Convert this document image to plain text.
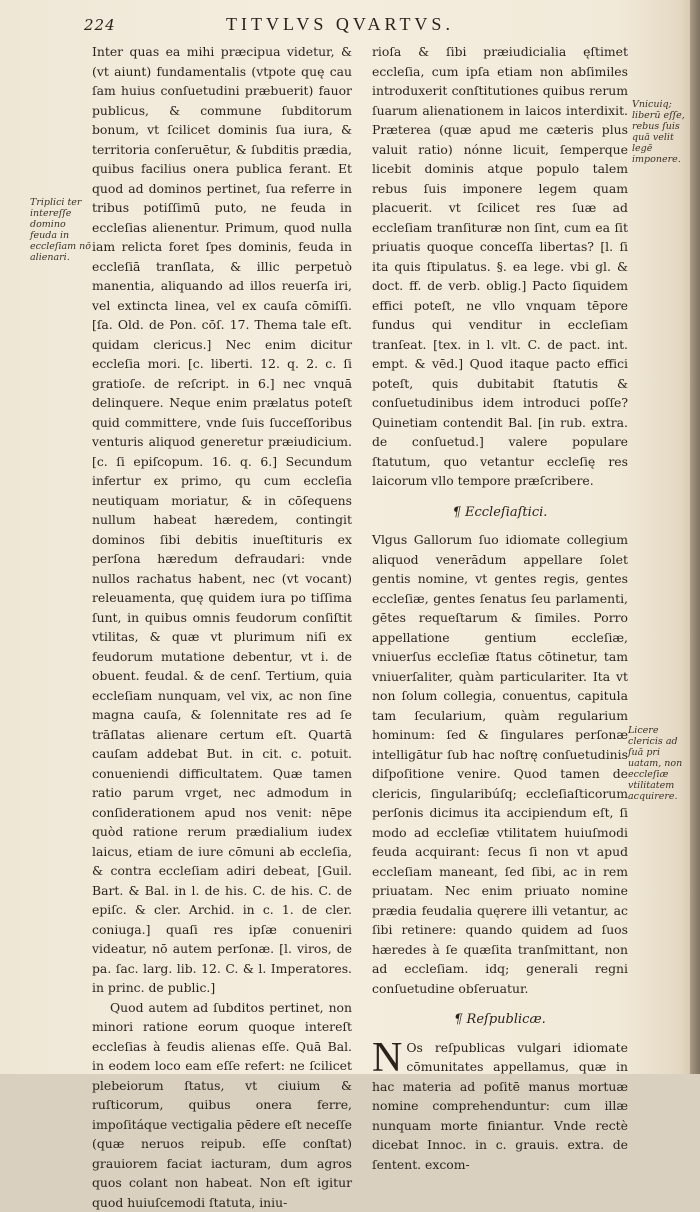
224	TITVLVS QVARTVS.
Triplici ter intereſſe domino feuda in eccleſiam nō alienari.
Vnicuiq; liberū eſſe, rebus ſuis quā velit legē imponere.
Licere clericis ad ſuā pri uatam, non eccleſiæ vtilitatem acquirere.

Inter quas ea mihi præcipua videtur, & (vt aiunt) fundamentalis (vtpote quę cau ſam huius conſuetudini præbuerit) fauor publicus, & commune ſubditorum bonum, vt ſcilicet dominis ſua iura, & territoria conſeruētur, & ſubditis prædia, quibus facilius onera publica ferant. Et quod ad dominos pertinet, ſua referre in tribus potiſſimū puto, ne feuda in eccleſias alienentur. Primum, quod nulla iam relicta foret ſpes dominis, feuda in eccleſiā tranſlata, & illic perpetuò manentia, aliquando ad illos reuerſa iri, vel extincta linea, vel ex cauſa cōmiſſi. [ſa. Old. de Pon. cōſ. 17. Thema tale eſt. quidam clericus.] Nec enim dicitur eccleſia mori. [c. liberti. 12. q. 2. c. ſi gratioſe. de reſcript. in 6.] nec vnquā delinquere. Neque enim prælatus poteſt quid committere, vnde ſuis ſucceſſoribus venturis aliquod generetur præiudicium. [c. ſi epiſcopum. 16. q. 6.] Secundum infertur ex primo, qu cum eccleſia neutiquam moriatur, & in cōſequens nullum habeat hæredem, contingit dominos ſibi debitis inueſtituris ex perſona hæredum defraudari: vnde nullos rachatus habent, nec (vt vocant) releuamenta, quę quidem iura po tiſſima ſunt, in quibus omnis feudorum conſiſtit vtilitas, & quæ vt plurimum niſi ex feudorum mutatione debentur, vt i. de obuent. feudal. & de cenſ. Tertium, quia eccleſiam nunquam, vel vix, ac non ſine magna cauſa, & ſolennitate res ad ſe trāſlatas alienare certum eſt. Quartā cauſam addebat But. in cit. c. potuit. conueniendi difficultatem. Quæ tamen ratio parum vrget, nec admodum in conſiderationem apud nos venit: nēpe quòd ratione rerum prædialium iudex laicus, etiam de iure cōmuni ab eccleſia, & contra eccleſiam adiri debeat, [Guil. Bart. & Bal. in l. de his. C. de his. C. de epiſc. & cler. Archid. in c. 1. de cler. coniuga.] quaſi res ipſæ conueniri videatur, nō autem perſonæ. [l. viros, de pa. ſac. larg. lib. 12. C. & l. Imperatores. in princ. de public.]

Quod autem ad ſubditos pertinet, non minori ratione eorum quoque intereſt eccleſias à feudis alienas eſſe. Quā Bal. in eodem loco eam eſſe refert: ne ſcilicet plebeiorum ſtatus, vt ciuium & ruſticorum, quibus onera ferre, impoſitáque vectigalia pēdere eſt neceſſe (quæ neruos reipub. eſſe conſtat) grauiorem faciat iacturam, dum agros quos colant non habeat. Non eſt igitur quod huiuſcemodi ſtatuta, iniu-

rioſa & ſibi præiudicialia ęſtimet eccleſia, cum ipſa etiam non abſimiles introduxerit conſtitutiones quibus rerum ſuarum alienationem in laicos interdixit. Præterea (quæ apud me cæteris plus valuit ratio) nónne licuit, ſemperque licebit dominis atque populo talem rebus ſuis imponere legem quam placuerit. vt ſcilicet res ſuæ ad eccleſiam tranſituræ non ſint, cum ea ſit priuatis quoque conceſſa libertas? [l. ſi ita quis ſtipulatus. §. ea lege. vbi gl. & doct. ff. de verb. oblig.] Pacto ſiquidem effici poteſt, ne vllo vnquam tēpore fundus qui venditur in eccleſiam tranſeat. [tex. in l. vlt. C. de pact. int. empt. & vēd.] Quod itaque pacto effici poteſt, quis dubitabit ſtatutis & conſuetudinibus idem introduci poſſe? Quinetiam contendit Bal. [in rub. extra. de conſuetud.] valere populare ſtatutum, quo vetantur eccleſię res laicorum vllo tempore præſcribere.

¶ Eccleſiaſtici.

Vlgus Gallorum ſuo idiomate collegium aliquod venerādum appellare ſolet gentis nomine, vt gentes regis, gentes eccleſiæ, gentes ſenatus ſeu parlamenti, gētes requeſtarum & ſimiles. Porro appellatione gentium eccleſiæ, vniuerſus eccleſiæ ſtatus cōtinetur, tam vniuerſaliter, quàm particulariter. Ita vt non ſolum collegia, conuentus, capitula tam ſecularium, quàm regularium hominum: ſed & ſingulares perſonæ intelligātur ſub hac noſtrę conſuetudinis diſpoſitione venire. Quod tamen de clericis, ſingularibúſq; eccleſiaſticorum perſonis dicimus ita accipiendum eſt, ſi modo ad eccleſiæ vtilitatem huiuſmodi feuda acquirant: ſecus ſi non vt apud eccleſiam maneant, ſed ſibi, ac in rem priuatam. Nec enim priuato nomine prædia feudalia quęrere illi vetantur, ac ſibi retinere: quando quidem ad ſuos hæredes à ſe quæſita tranſmittant, non ad eccleſiam. idq; generali regni conſuetudine obſeruatur.

¶ Reſpublicæ.

N Os reſpublicas vulgari idiomate cōmunitates appellamus, quæ in hac materia ad poſitē manus mortuæ nomine comprehenduntur: cum illæ nunquam morte finiantur. Vnde rectè dicebat Innoc. in c. grauis. extra. de ſentent. excom-
